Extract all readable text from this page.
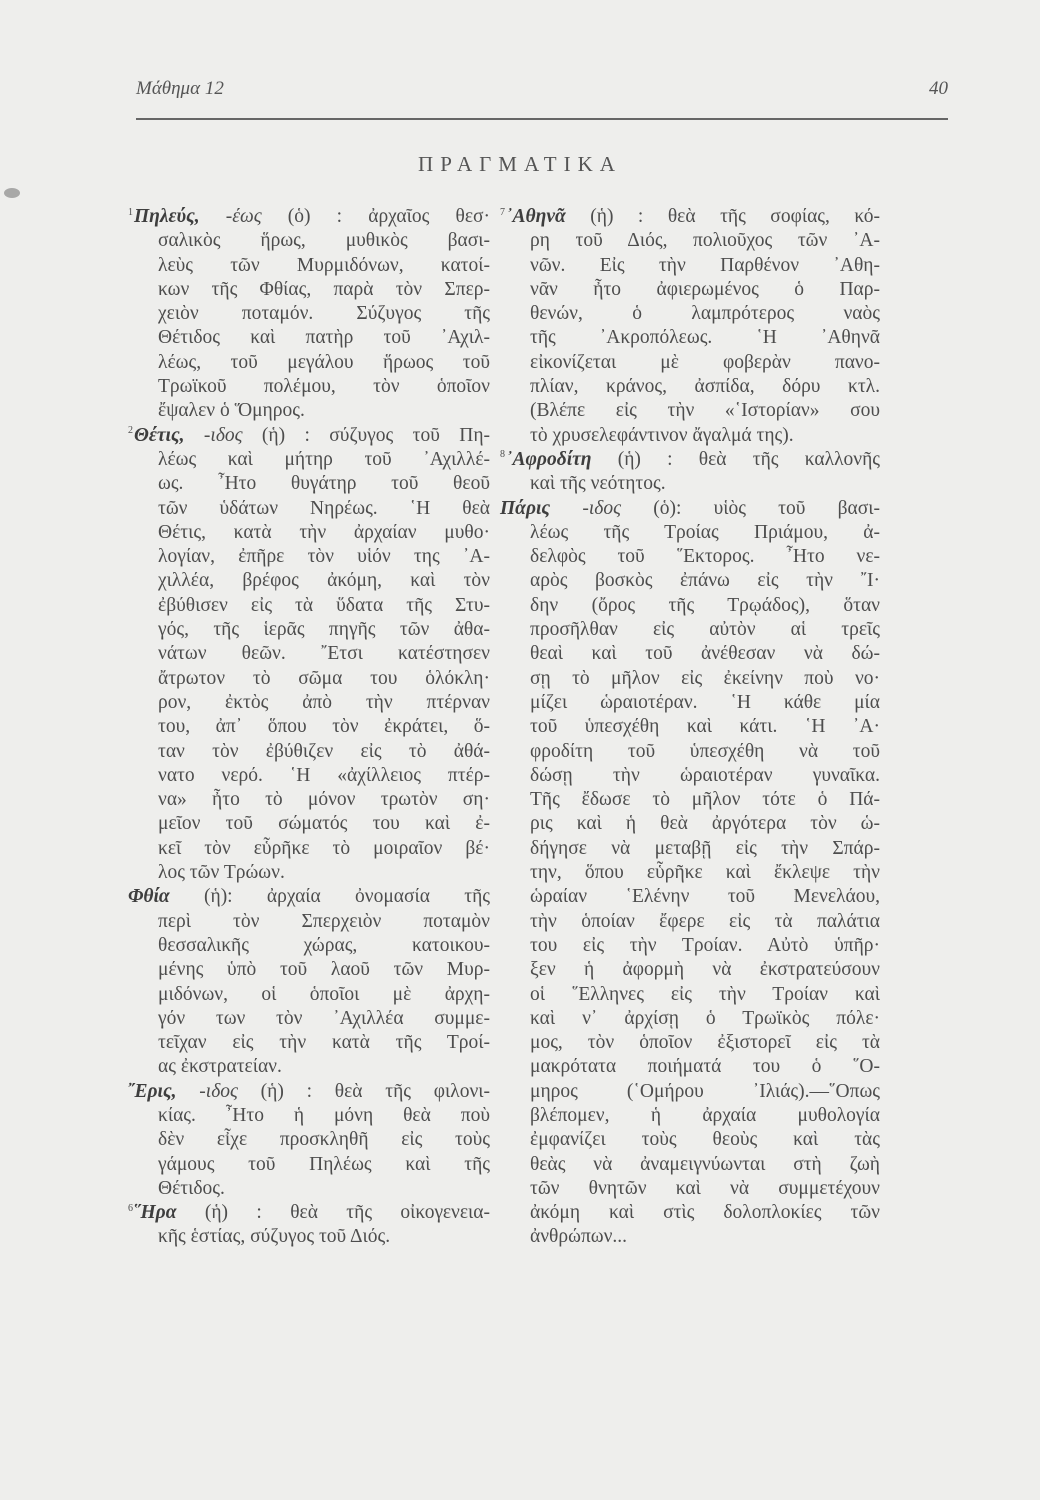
Μάθημα 12	40
ΠΡΑΓΜΑΤΙΚΑ
$^1$Πηλεύς, -έως (ὁ) : ἀρχαῖος θεσ·
σαλικὸς ἥρως, μυθικὸς βασι-
λεὺς τῶν Μυρμιδόνων, κατοί-
κων τῆς Φθίας, παρὰ τὸν Σπερ-
χειὸν ποταμόν. Σύζυγος τῆς
Θέτιδος καὶ πατὴρ τοῦ ᾿Αχιλ-
λέως, τοῦ μεγάλου ἥρωος τοῦ
Τρωϊκοῦ πολέμου, τὸν ὁποῖον
ἔψαλεν ὁ Ὅμηρος.
$^2$Θέτις, -ιδος (ἡ) : σύζυγος τοῦ Πη-
λέως καὶ μήτηρ τοῦ ᾿Αχιλλέ-
ως. ῏Ητο θυγάτηρ τοῦ θεοῦ
τῶν ὑδάτων Νηρέως. ῾Η θεὰ
Θέτις, κατὰ τὴν ἀρχαίαν μυθο·
λογίαν, ἐπῆρε τὸν υἱόν της ᾿Α-
χιλλέα, βρέφος ἀκόμη, καὶ τὸν
ἐβύθισεν εἰς τὰ ὕδατα τῆς Στυ-
γός, τῆς ἱερᾶς πηγῆς τῶν ἀθα-
νάτων θεῶν. ῎Ετσι κατέστησεν
ἄτρωτον τὸ σῶμα του ὁλόκλη·
ρον, ἐκτὸς ἀπὸ τὴν πτέρναν
του, ἀπ᾿ ὅπου τὸν ἐκράτει, ὅ-
ταν τὸν ἐβύθιζεν εἰς τὸ ἀθά-
νατο νερό. ῾Η «ἀχίλλειος πτέρ-
να» ἦτο τὸ μόνον τρωτὸν ση·
μεῖον τοῦ σώματός του καὶ ἐ-
κεῖ τὸν εὗρῆκε τὸ μοιραῖον βέ·
λος τῶν Τρώων.
Φθία (ἡ): ἀρχαία ὀνομασία τῆς
περὶ τὸν Σπερχειὸν ποταμὸν
θεσσαλικῆς χώρας, κατοικου-
μένης ὑπὸ τοῦ λαοῦ τῶν Μυρ-
μιδόνων, οἱ ὁποῖοι μὲ ἀρχη-
γόν των τὸν ᾿Αχιλλέα συμμε-
τεῖχαν εἰς τὴν κατὰ τῆς Τροί-
ας ἐκστρατείαν.
῎Ερις, -ιδος (ἡ) : θεὰ τῆς φιλονι-
κίας. ῏Ητο ἡ μόνη θεὰ ποὺ
δὲν εἶχε προσκληθῆ εἰς τοὺς
γάμους τοῦ Πηλέως καὶ τῆς
Θέτιδος.
$^6$῞Ηρα (ἡ) : θεὰ τῆς οἰκογενεια-
κῆς ἑστίας, σύζυγος τοῦ Διός.
$^7$᾿Αθηνᾶ (ἡ) : θεὰ τῆς σοφίας, κό-
ρη τοῦ Διός, πολιοῦχος τῶν ᾿Α-
νῶν. Εἰς τὴν Παρθένον ᾿Αθη-
νᾶν ἦτο ἀφιερωμένος ὁ Παρ-
θενών, ὁ λαμπρότερος ναὸς
τῆς ᾿Ακροπόλεως. ῾Η ᾿Αθηνᾶ
εἰκονίζεται μὲ φοβερὰν πανο-
πλίαν, κράνος, ἀσπίδα, δόρυ κτλ.
(Βλέπε εἰς τὴν «῾Ιστορίαν» σου
τὸ χρυσελεφάντινον ἄγαλμά της).
$^8$᾿Αφροδίτη (ἡ) : θεὰ τῆς καλλονῆς
καὶ τῆς νεότητος.
Πάρις -ιδος (ὁ): υἱὸς τοῦ βασι-
λέως τῆς Τροίας Πριάμου, ἀ-
δελφὸς τοῦ ῞Εκτορος. ῏Ητο νε-
αρὸς βοσκὸς ἐπάνω εἰς τὴν ῎Ι·
δην (ὄρος τῆς Τρῳάδος), ὅταν
προσῆλθαν εἰς αὐτὸν αἱ τρεῖς
θεαὶ καὶ τοῦ ἀνέθεσαν νὰ δώ-
σῃ τὸ μῆλον εἰς ἐκείνην ποὺ νο·
μίζει ὡραιοτέραν. ῾Η κάθε μία
τοῦ ὑπεσχέθη καὶ κάτι. ῾Η ᾿Α·
φροδίτη τοῦ ὑπεσχέθη νὰ τοῦ
δώσῃ τὴν ὡραιοτέραν γυναῖκα.
Τῆς ἔδωσε τὸ μῆλον τότε ὁ Πά-
ρις καὶ ἡ θεὰ ἀργότερα τὸν ὡ-
δήγησε νὰ μεταβῇ εἰς τὴν Σπάρ-
την, ὅπου εὗρῆκε καὶ ἔκλεψε τὴν
ὡραίαν ῾Ελένην τοῦ Μενελάου,
τὴν ὁποίαν ἔφερε εἰς τὰ παλάτια
του εἰς τὴν Τροίαν. Αὐτὸ ὑπῆρ·
ξεν ἡ ἀφορμὴ νὰ ἐκστρατεύσουν
οἱ ῞Ελληνες εἰς τὴν Τροίαν καὶ
καὶ ν᾿ ἀρχίσῃ ὁ Τρωϊκὸς πόλε·
μος, τὸν ὁποῖον ἐξιστορεῖ εἰς τὰ
μακρότατα ποιήματά του ὁ ῞Ο-
μηρος (῾Ομήρου ᾿Ιλιάς).—῞Οπως
βλέπομεν, ἡ ἀρχαία μυθολογία
ἐμφανίζει τοὺς θεοὺς καὶ τὰς
θεὰς νὰ ἀναμειγνύωνται στὴ ζωὴ
τῶν θνητῶν καὶ νὰ συμμετέχουν
ἀκόμη καὶ στὶς δολοπλοκίες τῶν
ἀνθρώπων...
